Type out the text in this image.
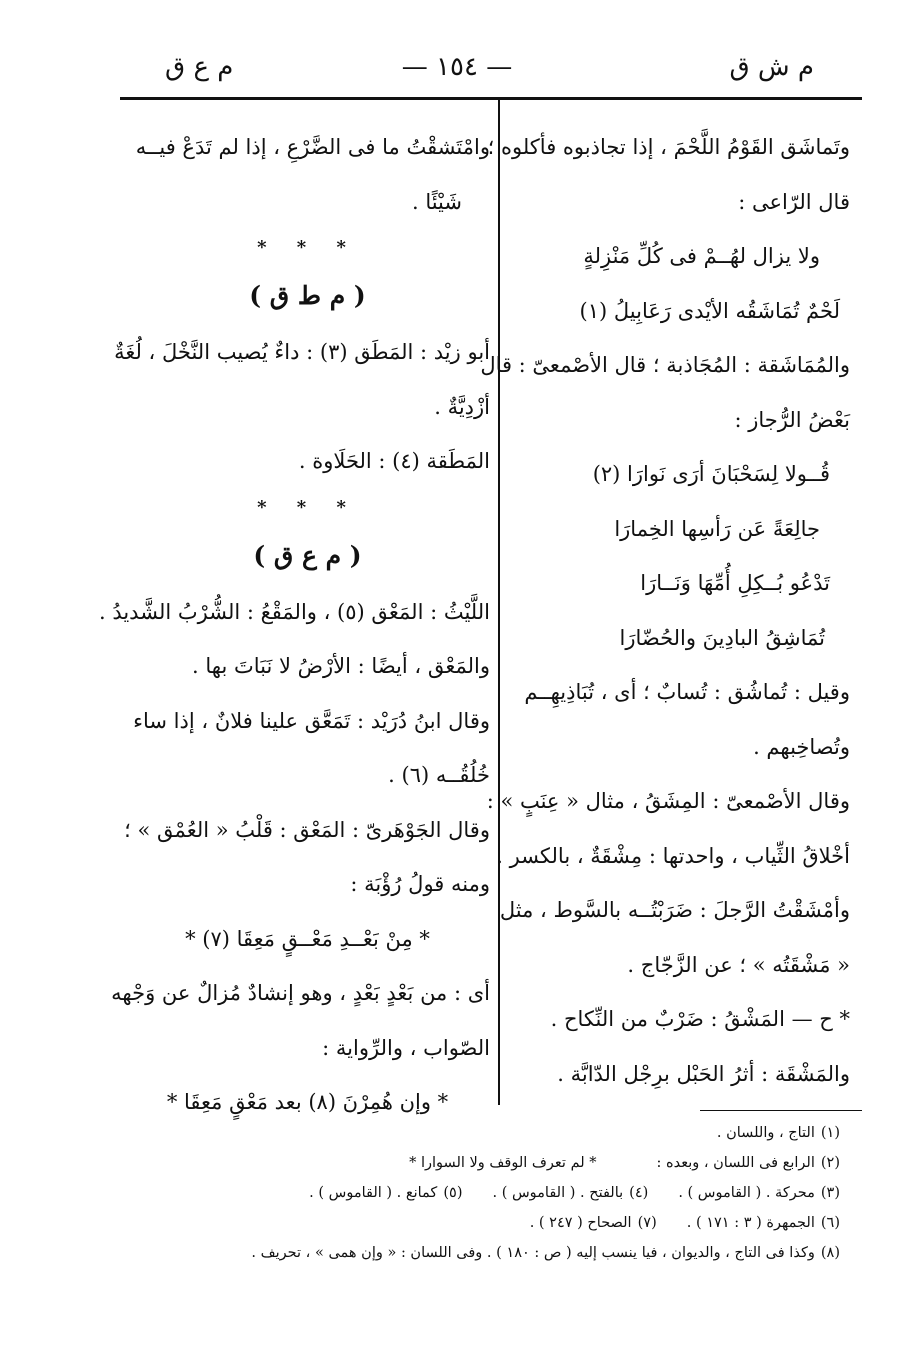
م ش ق
— ١٥٤ —
م ع ق
وتَماشَق القَوْمُ اللَّحْمَ ، إذا تجاذبوه فأكلوه ؛
قال الرّاعى :
ولا يزال لهُــمْ فى كُلِّ مَنْزِلةٍ
لَحْمٌ تُمَاشَقُه الأيْدى رَعَابِيلُ (١)
والمُمَاشَقة : المُجَاذبة ؛ قال الأصْمعىّ : قال
بَعْضُ الرُّجاز :
قُــولا لِسَحْبَانَ أرَى نَوارَا (٢)
جالِعَةً عَن رَأسِها الخِمارَا
تَدْعُو بُــكِلِ أُمِّهَا وَنَــارَا
تُمَاشِقُ البادِينَ والحُضّارَا
وقيل : تُماشُق : تُسابٌ ؛ أى ، تُبَاذِيهِــم
وتُصاخِبهم .
وقال الأصْمعىّ : المِشَقُ ، مثال « عِنَبٍ » :
أخْلاقُ الثِّياب ، واحدتها : مِشْقَةٌ ، بالكسر .
وأمْشَقْتُ الرَّجلَ : ضَرَبْتُــه بالسَّوط ، مثل
« مَشْقَتُه » ؛ عن الزَّجّاج .
* ح — المَشْقُ : ضَرْبٌ من النِّكاح .
والمَشْقَة : أثرُ الحَبْل برِجْل الدّابَّة .
وامْتَشقْتُ ما فى الضَّرْعِ ، إذا لم تَدَعْ فيــه
شَيْئًا .
* * *
( م ط ق )
أبو زيْد : المَطَق (٣) : داءٌ يُصيب النَّخْلَ ، لُغَةٌ
أزْدِيَّةٌ .
المَطَقة (٤) : الحَلَاوة .
* * *
( م ع ق )
اللَّيْثُ : المَعْق (٥) ، والمَقْعُ : الشُّرْبُ الشَّديدُ .
والمَعْق ، أيضًا : الأرْضُ لا نَبَاتَ بها .
وقال ابنُ دُرَيْد : تَمَعَّق علينا فلانٌ ، إذا ساء
خُلُقُــه (٦) .
وقال الجَوْهَرىّ : المَعْق : قَلْبُ « العُمْق » ؛
ومنه قولُ رُؤْبَة :
* مِنْ بَعْــدِ مَعْــقٍ مَعِقَا (٧) *
أى : من بَعْدٍ بَعْدٍ ، وهو إنشادٌ مُزالٌ عن وَجْهه
الصّواب ، والرِّواية :
* وإن هُمِرْنَ (٨) بعد مَعْقٍ مَعِقَا *
(١)
التاج ، واللسان .
(٢)
الرابع فى اللسان ، وبعده :
* لم تعرف الوقف ولا السوارا *
(٣)
محركة . ( القاموس ) .
(٤)
بالفتح . ( القاموس ) .
(٥)
كمانع . ( القاموس ) .
(٦)
الجمهرة ( ٣ : ١٧١ ) .
(٧)
الصحاح ( ٢٤٧ ) .
(٨)
وكذا فى التاج ، والديوان ، فيا ينسب إليه ( ص : ١٨٠ ) . وفى اللسان : « وإن همى » ، تحريف .
